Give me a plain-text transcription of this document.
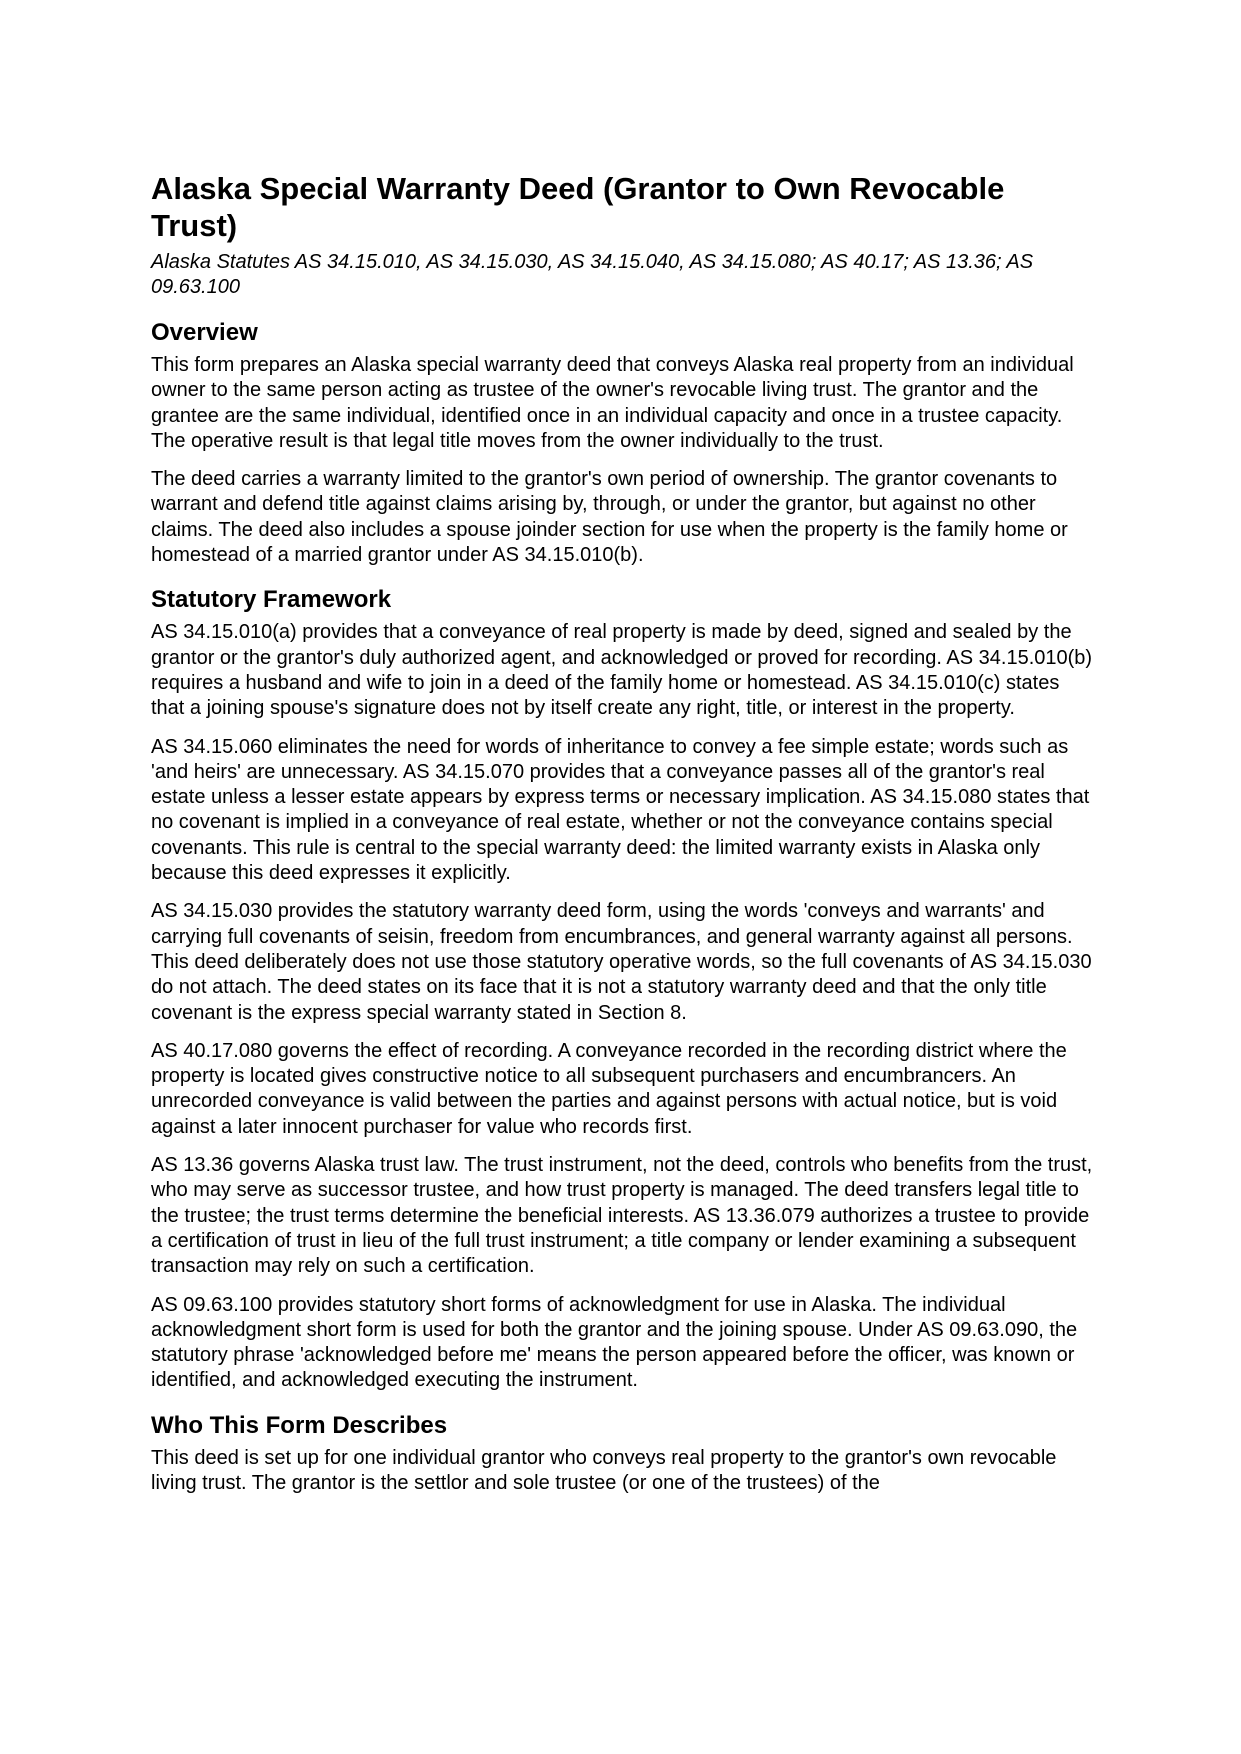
Alaska Special Warranty Deed (Grantor to Own Revocable Trust)
Alaska Statutes AS 34.15.010, AS 34.15.030, AS 34.15.040, AS 34.15.080; AS 40.17; AS 13.36; AS 09.63.100
Overview

This form prepares an Alaska special warranty deed that conveys Alaska real property from an individual owner to the same person acting as trustee of the owner's revocable living trust. The grantor and the grantee are the same individual, identified once in an individual capacity and once in a trustee capacity. The operative result is that legal title moves from the owner individually to the trust.

The deed carries a warranty limited to the grantor's own period of ownership. The grantor covenants to warrant and defend title against claims arising by, through, or under the grantor, but against no other claims. The deed also includes a spouse joinder section for use when the property is the family home or homestead of a married grantor under AS 34.15.010(b).

Statutory Framework

AS 34.15.010(a) provides that a conveyance of real property is made by deed, signed and sealed by the grantor or the grantor's duly authorized agent, and acknowledged or proved for recording. AS 34.15.010(b) requires a husband and wife to join in a deed of the family home or homestead. AS 34.15.010(c) states that a joining spouse's signature does not by itself create any right, title, or interest in the property.

AS 34.15.060 eliminates the need for words of inheritance to convey a fee simple estate; words such as 'and heirs' are unnecessary. AS 34.15.070 provides that a conveyance passes all of the grantor's real estate unless a lesser estate appears by express terms or necessary implication. AS 34.15.080 states that no covenant is implied in a conveyance of real estate, whether or not the conveyance contains special covenants. This rule is central to the special warranty deed: the limited warranty exists in Alaska only because this deed expresses it explicitly.

AS 34.15.030 provides the statutory warranty deed form, using the words 'conveys and warrants' and carrying full covenants of seisin, freedom from encumbrances, and general warranty against all persons. This deed deliberately does not use those statutory operative words, so the full covenants of AS 34.15.030 do not attach. The deed states on its face that it is not a statutory warranty deed and that the only title covenant is the express special warranty stated in Section 8.

AS 40.17.080 governs the effect of recording. A conveyance recorded in the recording district where the property is located gives constructive notice to all subsequent purchasers and encumbrancers. An unrecorded conveyance is valid between the parties and against persons with actual notice, but is void against a later innocent purchaser for value who records first.

AS 13.36 governs Alaska trust law. The trust instrument, not the deed, controls who benefits from the trust, who may serve as successor trustee, and how trust property is managed. The deed transfers legal title to the trustee; the trust terms determine the beneficial interests. AS 13.36.079 authorizes a trustee to provide a certification of trust in lieu of the full trust instrument; a title company or lender examining a subsequent transaction may rely on such a certification.

AS 09.63.100 provides statutory short forms of acknowledgment for use in Alaska. The individual acknowledgment short form is used for both the grantor and the joining spouse. Under AS 09.63.090, the statutory phrase 'acknowledged before me' means the person appeared before the officer, was known or identified, and acknowledged executing the instrument.

Who This Form Describes

This deed is set up for one individual grantor who conveys real property to the grantor's own revocable living trust. The grantor is the settlor and sole trustee (or one of the trustees) of the
